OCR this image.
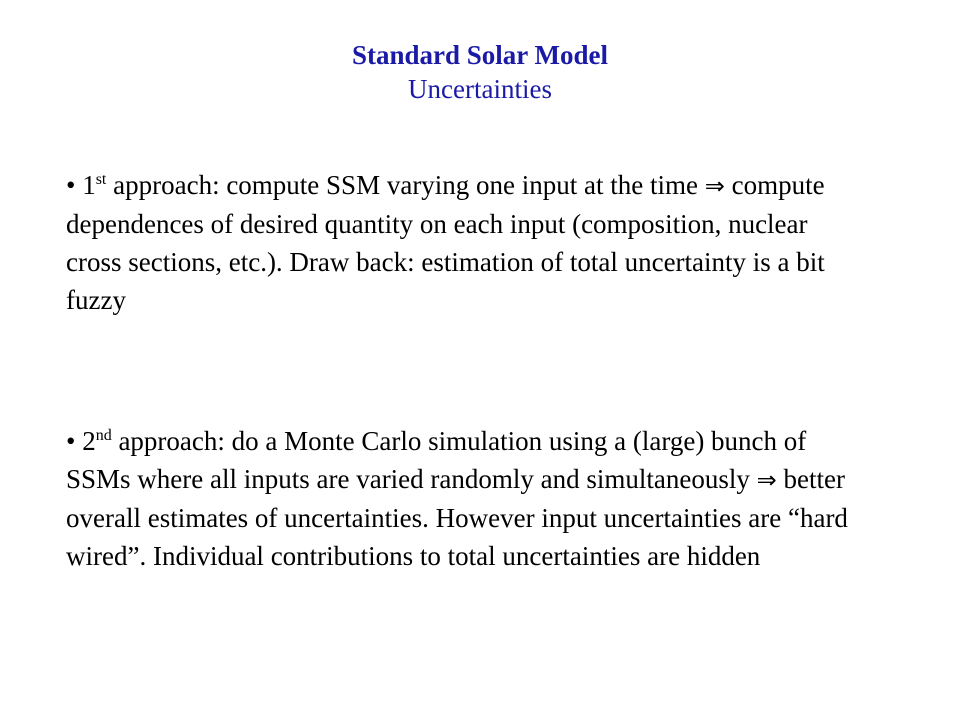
Standard Solar Model
Uncertainties
• 1st approach: compute SSM varying one input at the time ⇒ compute dependences of desired quantity on each input (composition, nuclear cross sections, etc.). Draw back: estimation of total uncertainty is a bit fuzzy
• 2nd approach: do a Monte Carlo simulation using a (large) bunch of SSMs where all inputs are varied randomly and simultaneously ⇒ better overall estimates of uncertainties. However input uncertainties are “hard wired”. Individual contributions to total uncertainties are hidden
